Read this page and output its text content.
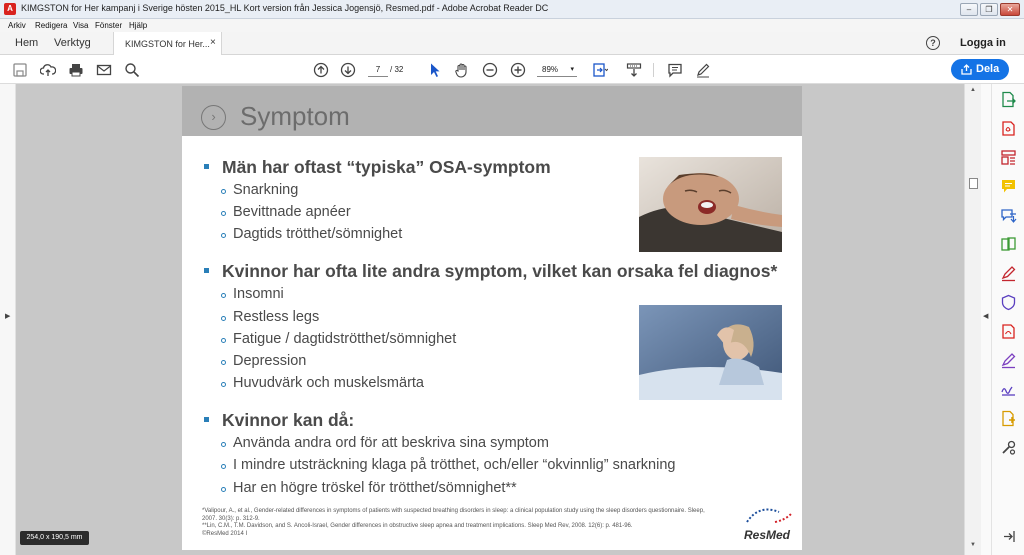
A KIMGSTON for Her kampanj i Sverige hösten 2015_HL Kort version från Jessica Jogensjö, Resmed.pdf - Adobe Acrobat Reader DC	–	❐	✕
Arkiv Redigera Visa Fönster Hjälp
Hem Verktyg	KIMGSTON for Her... ×	?	Logga in
7	/ 32	89% ▾	Dela
▶
▲
▼
◀
› Symptom
Män har oftast “typiska” OSA-symptom
Snarkning
Bevittnade apnéer
Dagtids trötthet/sömnighet
Kvinnor har ofta lite andra symptom, vilket kan orsaka fel diagnos*
Insomni
Restless legs
Fatigue / dagtidströtthet/sömnighet
Depression
Huvudvärk och muskelsmärta
Kvinnor kan då:
Använda andra ord för att beskriva sina symptom
I mindre utsträckning klaga på trötthet, och/eller “okvinnlig” snarkning
Har en högre tröskel för trötthet/sömnighet**
*Valipour, A., et al., Gender-related differences in symptoms of patients with suspected breathing disorders in sleep: a clinical population study using the sleep disorders questionnaire. Sleep,
2007. 30(3): p. 312-9.
**Lin, C.M., T.M. Davidson, and S. Ancoli-Israel, Gender differences in obstructive sleep apnea and treatment implications. Sleep Med Rev, 2008. 12(6): p. 481-96.
©ResMed 2014 I	ResMed
254,0 x 190,5 mm
